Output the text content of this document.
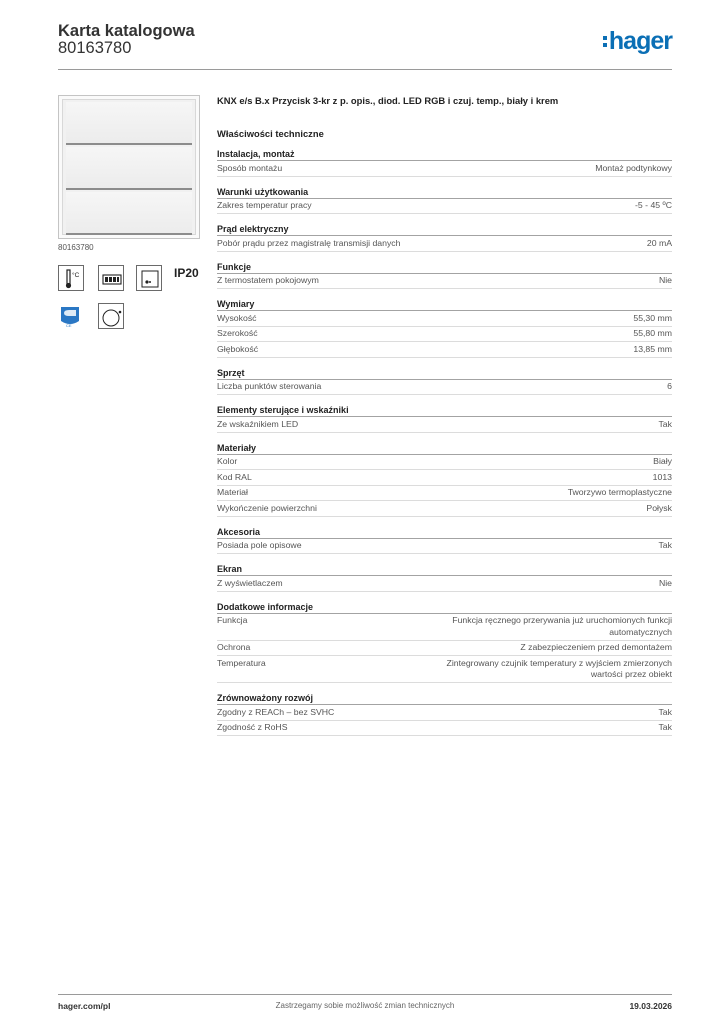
Karta katalogowa
80163780	hager
80163780
°C	IP20
CE
KNX e/s B.x Przycisk 3-kr z p. opis., diod. LED RGB i czuj. temp., biały i krem
Właściwości techniczne
Instalacja, montaż
Sposób montażu	Montaż podtynkowy
Warunki użytkowania
Zakres temperatur pracy	-5 - 45 ºC
Prąd elektryczny
Pobór prądu przez magistralę transmisji danych	20 mA
Funkcje
Z termostatem pokojowym	Nie
Wymiary
Wysokość	55,30 mm
Szerokość	55,80 mm
Głębokość	13,85 mm
Sprzęt
Liczba punktów sterowania	6
Elementy sterujące i wskaźniki
Ze wskaźnikiem LED	Tak
Materiały
Kolor	Biały
Kod RAL	1013
Materiał	Tworzywo termoplastyczne
Wykończenie powierzchni	Połysk
Akcesoria
Posiada pole opisowe	Tak
Ekran
Z wyświetlaczem	Nie
Dodatkowe informacje
Funkcja	Funkcja ręcznego przerywania już uruchomionych funkcji automatycznych
Ochrona	Z zabezpieczeniem przed demontażem
Temperatura	Zintegrowany czujnik temperatury z wyjściem zmierzonych wartości przez obiekt
Zrównoważony rozwój
Zgodny z REACh – bez SVHC	Tak
Zgodność z RoHS	Tak
hager.com/pl	Zastrzegamy sobie możliwość zmian technicznych	19.03.2026
